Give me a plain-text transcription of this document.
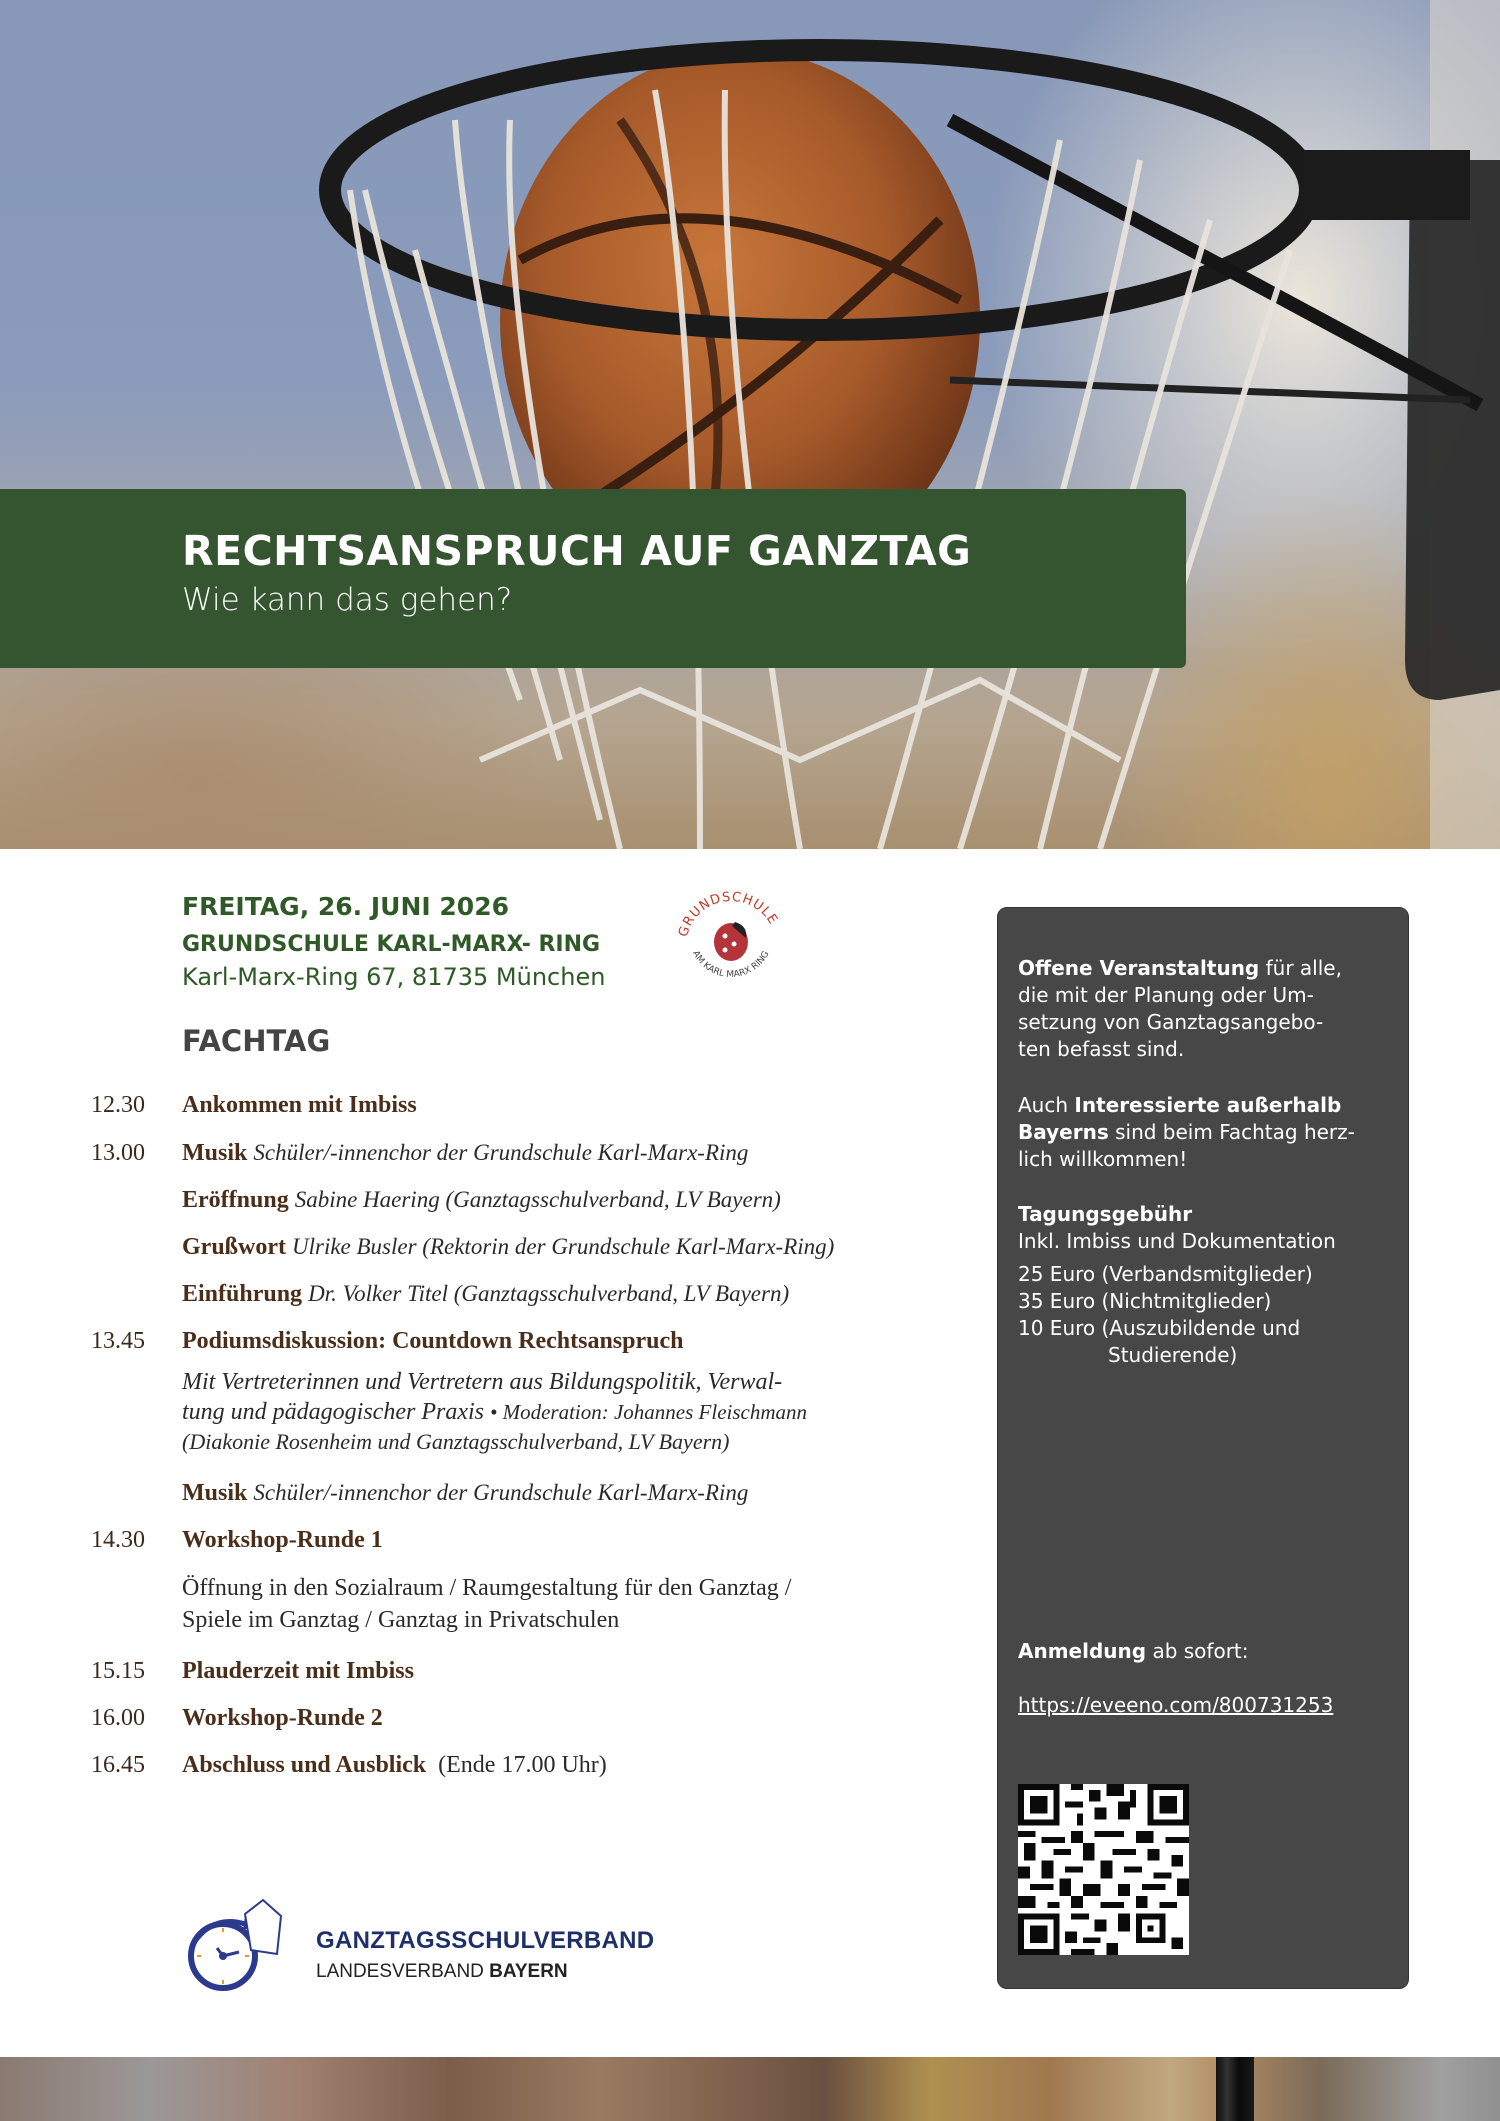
RECHTSANSPRUCH AUF GANZTAG
Wie kann das gehen?
FREITAG, 26. JUNI 2026
GRUNDSCHULE KARL-MARX- RING
Karl-Marx-Ring 67, 81735 München
GRUNDSCHULE
AM KARL MARX RING
FACHTAG
12.30 Ankommen mit Imbiss
13.00 Musik Schüler/-innenchor der Grundschule Karl-Marx-Ring
Eröffnung Sabine Haering (Ganztagsschulverband, LV Bayern)
Grußwort Ulrike Busler (Rektorin der Grundschule Karl-Marx-Ring)
Einführung Dr. Volker Titel (Ganztagsschulverband, LV Bayern)
13.45 Podiumsdiskussion: Countdown Rechtsanspruch
Mit Vertreterinnen und Vertretern aus Bildungspolitik, Verwal-
tung und pädagogischer Praxis • Moderation: Johannes Fleischmann
(Diakonie Rosenheim und Ganztagsschulverband, LV Bayern)
Musik Schüler/-innenchor der Grundschule Karl-Marx-Ring
14.30 Workshop-Runde 1
Öffnung in den Sozialraum / Raumgestaltung für den Ganztag /
Spiele im Ganztag / Ganztag in Privatschulen
15.15 Plauderzeit mit Imbiss
16.00 Workshop-Runde 2
16.45 Abschluss und Ausblick (Ende 17.00 Uhr)
Offene Veranstaltung für alle,
die mit der Planung oder Um-
setzung von Ganztagsangebo-
ten befasst sind.
Auch Interessierte außerhalb
Bayerns sind beim Fachtag herz-
lich willkommen!
Tagungsgebühr
Inkl. Imbiss und Dokumentation
25 Euro (Verbandsmitglieder)
35 Euro (Nichtmitglieder)
10 Euro (Auszubildende und
Studierende)
Anmeldung ab sofort:
https://eveeno.com/800731253
GANZTAGSSCHULVERBAND
LANDESVERBAND BAYERN
